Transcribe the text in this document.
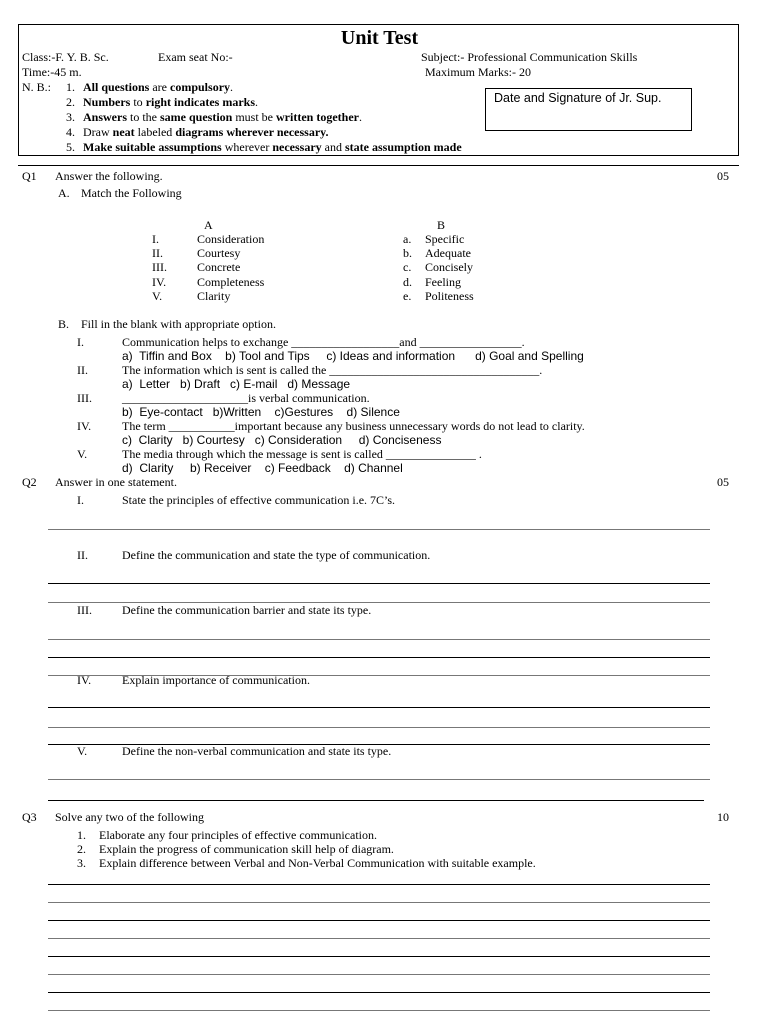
Unit Test
Class:-F. Y. B. Sc.	Exam seat No:-	Subject:- Professional Communication Skills
Time:-45 m.	Maximum Marks:- 20
N. B.: 1. All questions are compulsory.
2. Numbers to right indicates marks.
3. Answers to the same question must be written together.
4. Draw neat labeled diagrams wherever necessary.
5. Make suitable assumptions wherever necessary and state assumption made
Date and Signature of Jr. Sup.
Q1 Answer the following.	05
A. Match the Following
A	B
I.	Consideration	a. Specific
II.	Courtesy	b. Adequate
III.	Concrete	c. Concisely
IV.	Completeness	d. Feeling
V.	Clarity	e. Politeness
B. Fill in the blank with appropriate option.
I.	Communication helps to exchange __________________and _________________.
a)  Tiffin and Box    b) Tool and Tips     c) Ideas and information      d) Goal and Spelling
II.	The information which is sent is called the ___________________________________.
a)  Letter   b) Draft   c) E-mail   d) Message
III.	_____________________is verbal communication.
b)  Eye-contact   b)Written    c)Gestures    d) Silence
IV.	The term ___________important because any business unnecessary words do not lead to clarity.
c)  Clarity   b) Courtesy   c) Consideration     d) Conciseness
V.	The media through which the message is sent is called _______________ .
d)  Clarity     b) Receiver    c) Feedback    d) Channel
Q2 Answer in one statement.	05
I.	State the principles of effective communication i.e. 7C’s.
II.	Define the communication and state the type of communication.
III.	Define the communication barrier and state its type.
IV.	Explain importance of communication.
V.	Define the non-verbal communication and state its type.
Q3 Solve any two of the following	10
1. Elaborate any four principles of effective communication.
2. Explain the progress of communication skill help of diagram.
3. Explain difference between Verbal and Non-Verbal Communication with suitable example.
